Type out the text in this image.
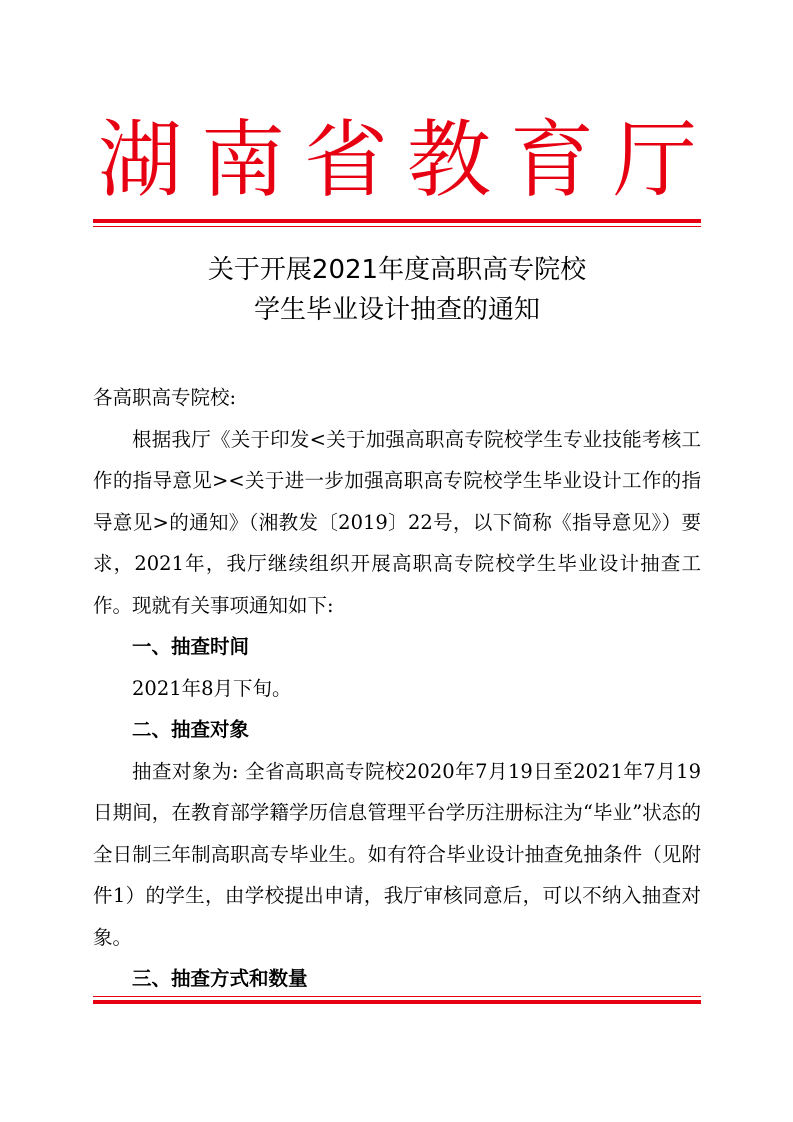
湖 南 省 教 育 厅
关于开展2021年度高职高专院校
学生毕业设计抽查的通知

各高职高专院校:

根据我厅《关于印发<关于加强高职高专院校学生专业技能考核工作的指导意见><关于进一步加强高职高专院校学生毕业设计工作的指导意见>的通知》（湘教发〔2019〕22号，以下简称《指导意见》）要求，2021年，我厅继续组织开展高职高专院校学生毕业设计抽查工作。现就有关事项通知如下:

一、抽查时间

2021年8月下旬。

二、抽查对象

抽查对象为: 全省高职高专院校2020年7月19日至2021年7月19日期间，在教育部学籍学历信息管理平台学历注册标注为“毕业”状态的全日制三年制高职高专毕业生。如有符合毕业设计抽查免抽条件（见附件1）的学生，由学校提出申请，我厅审核同意后，可以不纳入抽查对象。

三、抽查方式和数量
